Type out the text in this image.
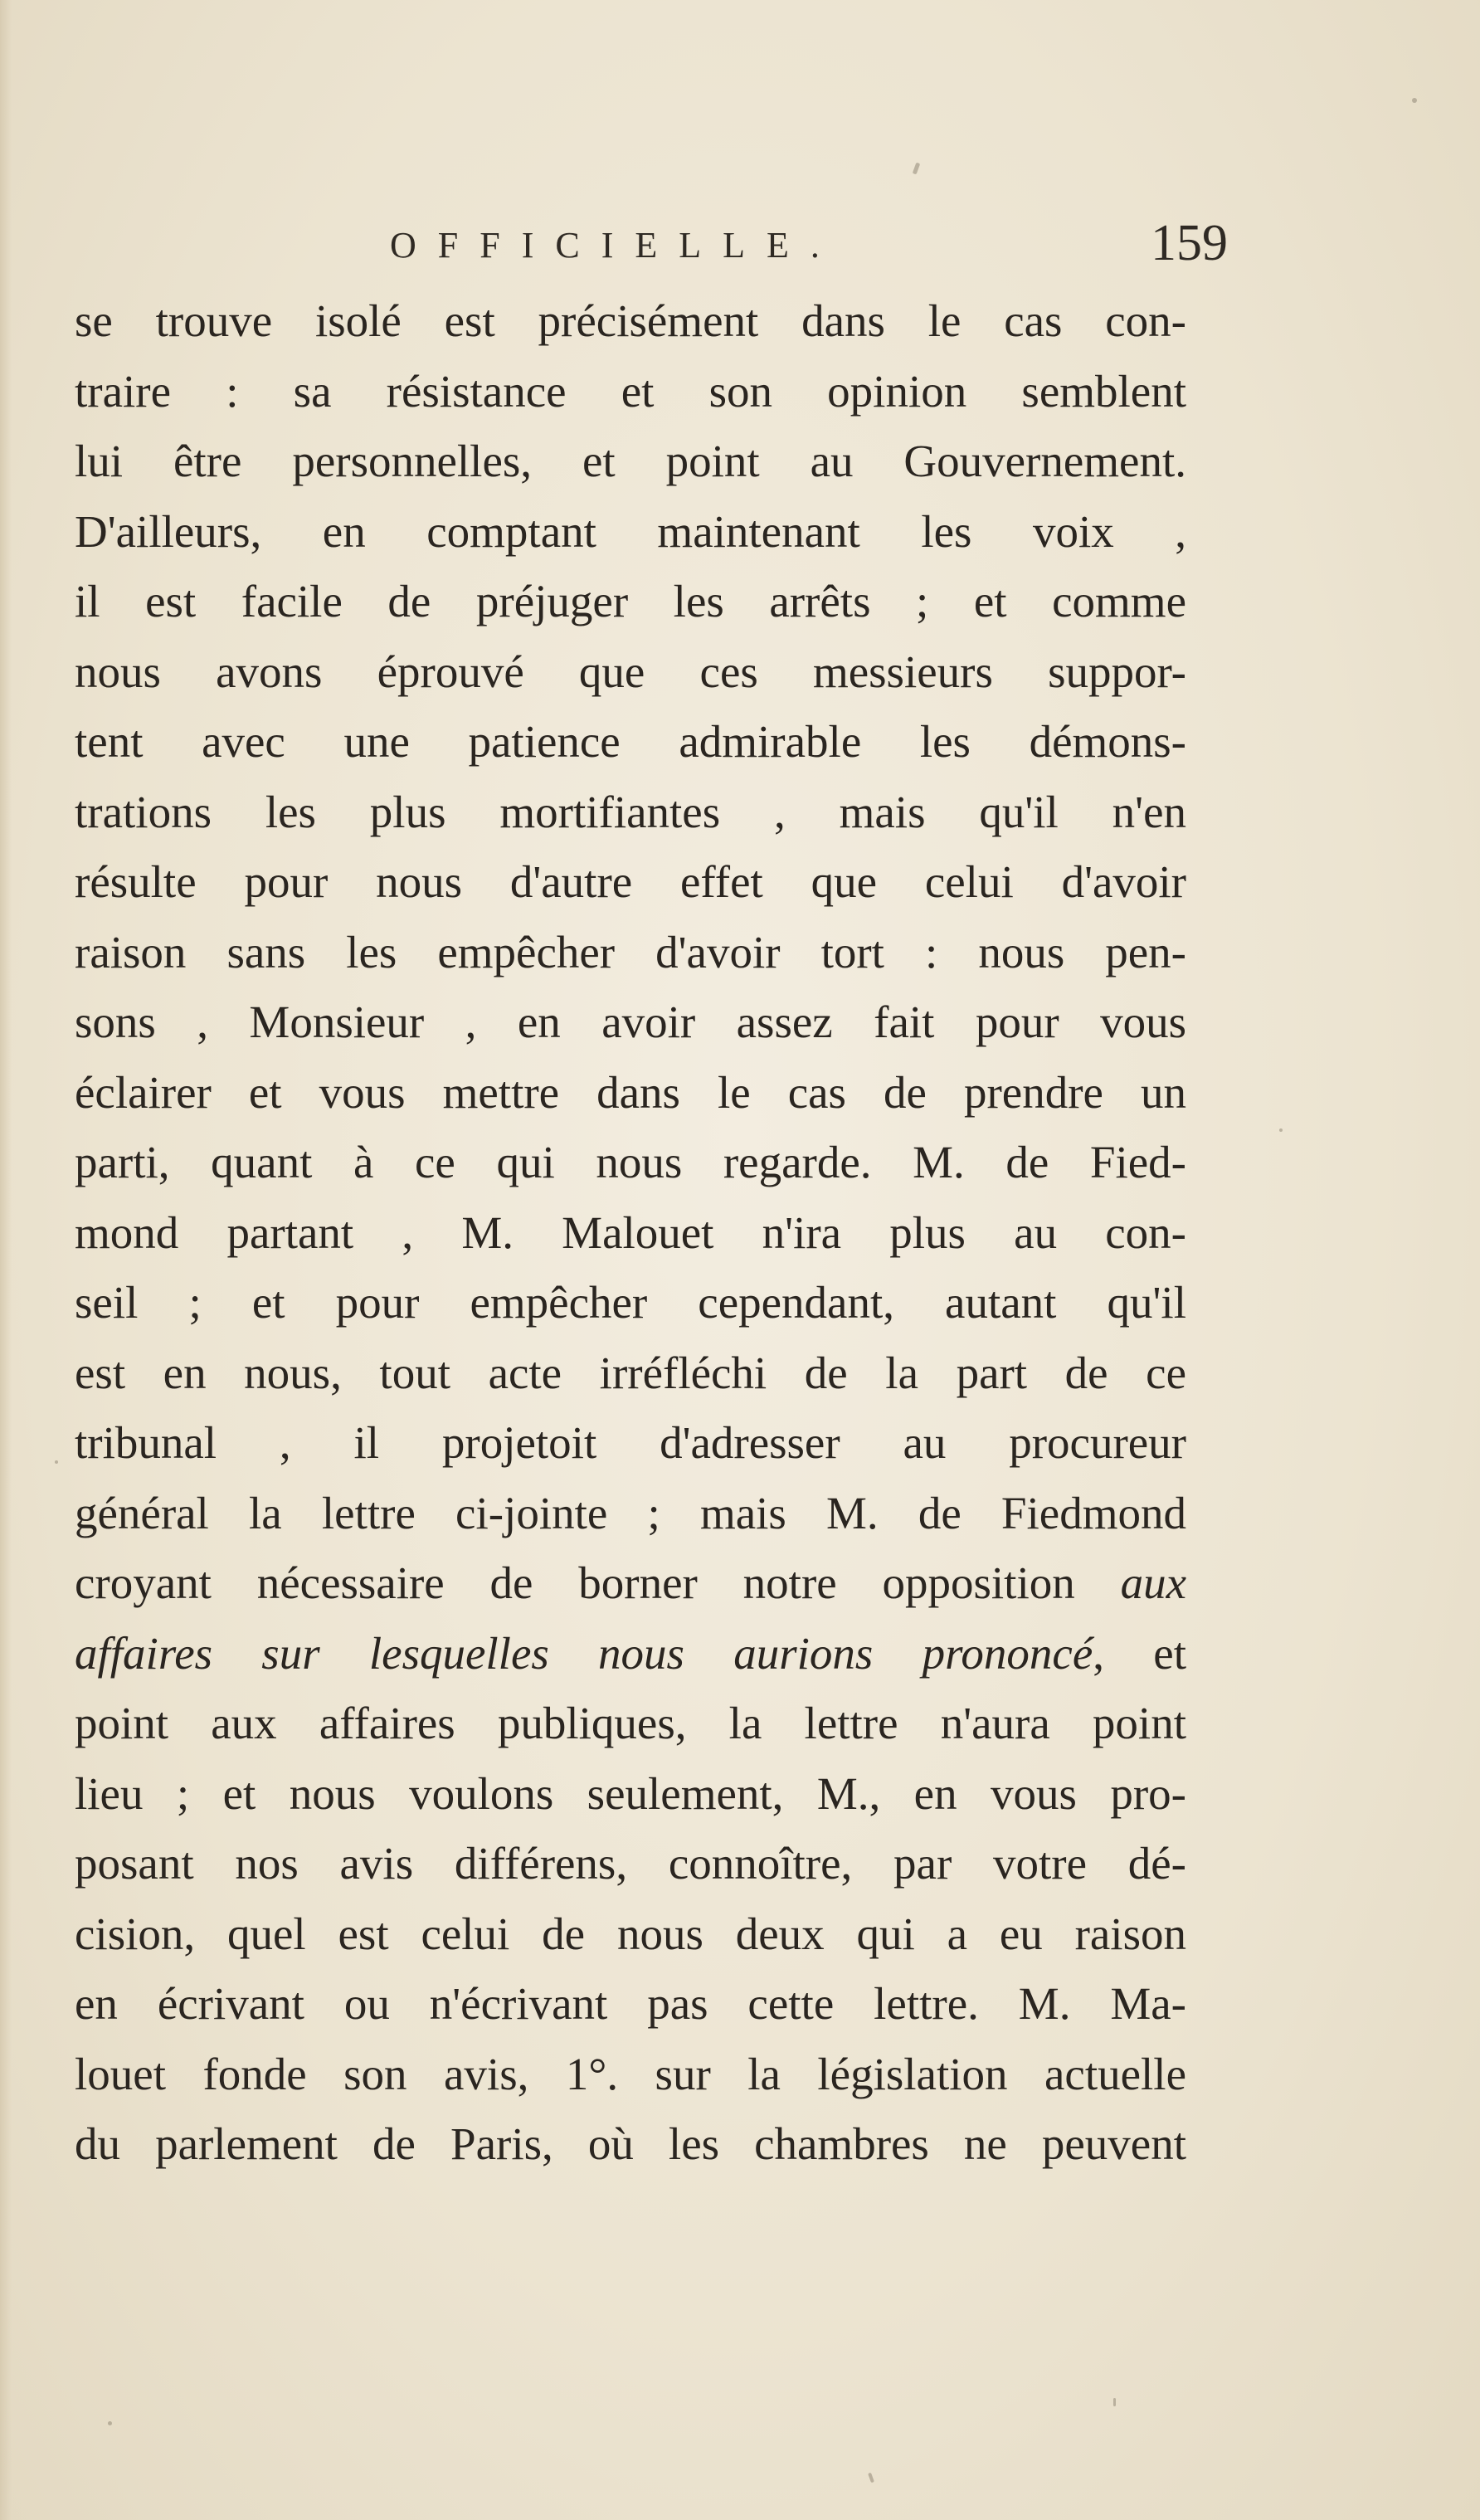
OFFICIELLE.	159
se trouve isolé est précisément dans le cas con-
traire : sa résistance et son opinion semblent
lui être personnelles, et point au Gouvernement.
D'ailleurs, en comptant maintenant les voix ,
il est facile de préjuger les arrêts ; et comme
nous avons éprouvé que ces messieurs suppor-
tent avec une patience admirable les démons-
trations les plus mortifiantes , mais qu'il n'en
résulte pour nous d'autre effet que celui d'avoir
raison sans les empêcher d'avoir tort : nous pen-
sons , Monsieur , en avoir assez fait pour vous
éclairer et vous mettre dans le cas de prendre un
parti, quant à ce qui nous regarde. M. de Fied-
mond partant , M. Malouet n'ira plus au con-
seil ; et pour empêcher cependant, autant qu'il
est en nous, tout acte irréfléchi de la part de ce
tribunal , il projetoit d'adresser au procureur
général la lettre ci-jointe ; mais M. de Fiedmond
croyant nécessaire de borner notre opposition aux
affaires sur lesquelles nous aurions prononcé, et
point aux affaires publiques, la lettre n'aura point
lieu ; et nous voulons seulement, M., en vous pro-
posant nos avis différens, connoître, par votre dé-
cision, quel est celui de nous deux qui a eu raison
en écrivant ou n'écrivant pas cette lettre. M. Ma-
louet fonde son avis, 1°. sur la législation actuelle
du parlement de Paris, où les chambres ne peuvent
